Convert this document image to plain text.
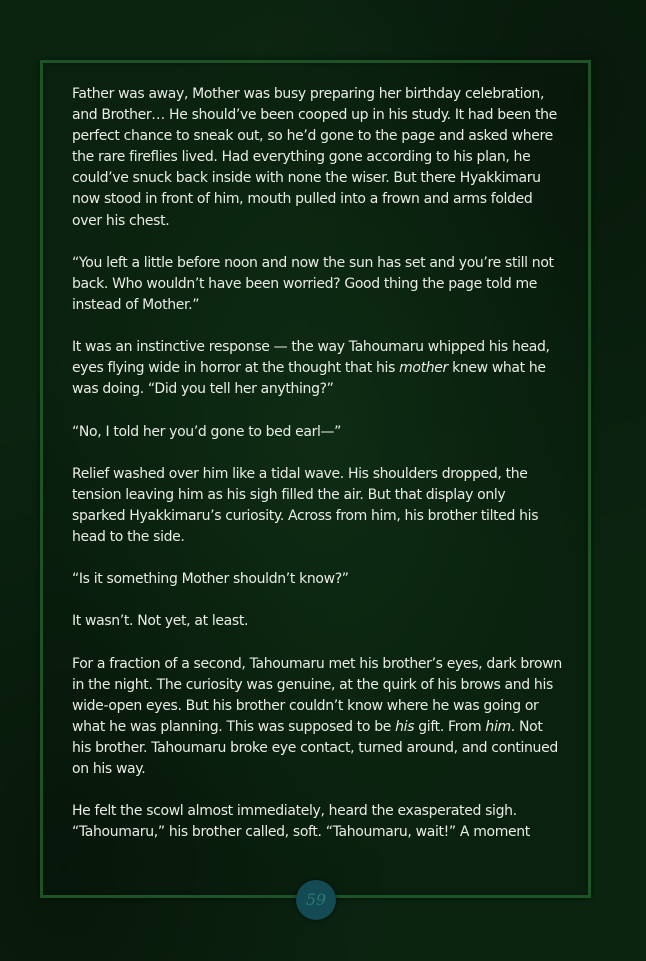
Father was away, Mother was busy preparing her birthday celebration, and Brother… He should’ve been cooped up in his study. It had been the perfect chance to sneak out, so he’d gone to the page and asked where the rare fireflies lived. Had everything gone according to his plan, he could’ve snuck back inside with none the wiser. But there Hyakkimaru now stood in front of him, mouth pulled into a frown and arms folded over his chest.

“You left a little before noon and now the sun has set and you’re still not back. Who wouldn’t have been worried? Good thing the page told me instead of Mother.”

It was an instinctive response — the way Tahoumaru whipped his head, eyes flying wide in horror at the thought that his mother knew what he was doing. “Did you tell her anything?”

“No, I told her you’d gone to bed earl—”

Relief washed over him like a tidal wave. His shoulders dropped, the tension leaving him as his sigh filled the air. But that display only sparked Hyakkimaru’s curiosity. Across from him, his brother tilted his head to the side.

“Is it something Mother shouldn’t know?”

It wasn’t. Not yet, at least.

For a fraction of a second, Tahoumaru met his brother’s eyes, dark brown in the night. The curiosity was genuine, at the quirk of his brows and his wide-open eyes. But his brother couldn’t know where he was going or what he was planning. This was supposed to be his gift. From him. Not his brother. Tahoumaru broke eye contact, turned around, and continued on his way.

He felt the scowl almost immediately, heard the exasperated sigh. “Tahoumaru,” his brother called, soft. “Tahoumaru, wait!” A moment

59
